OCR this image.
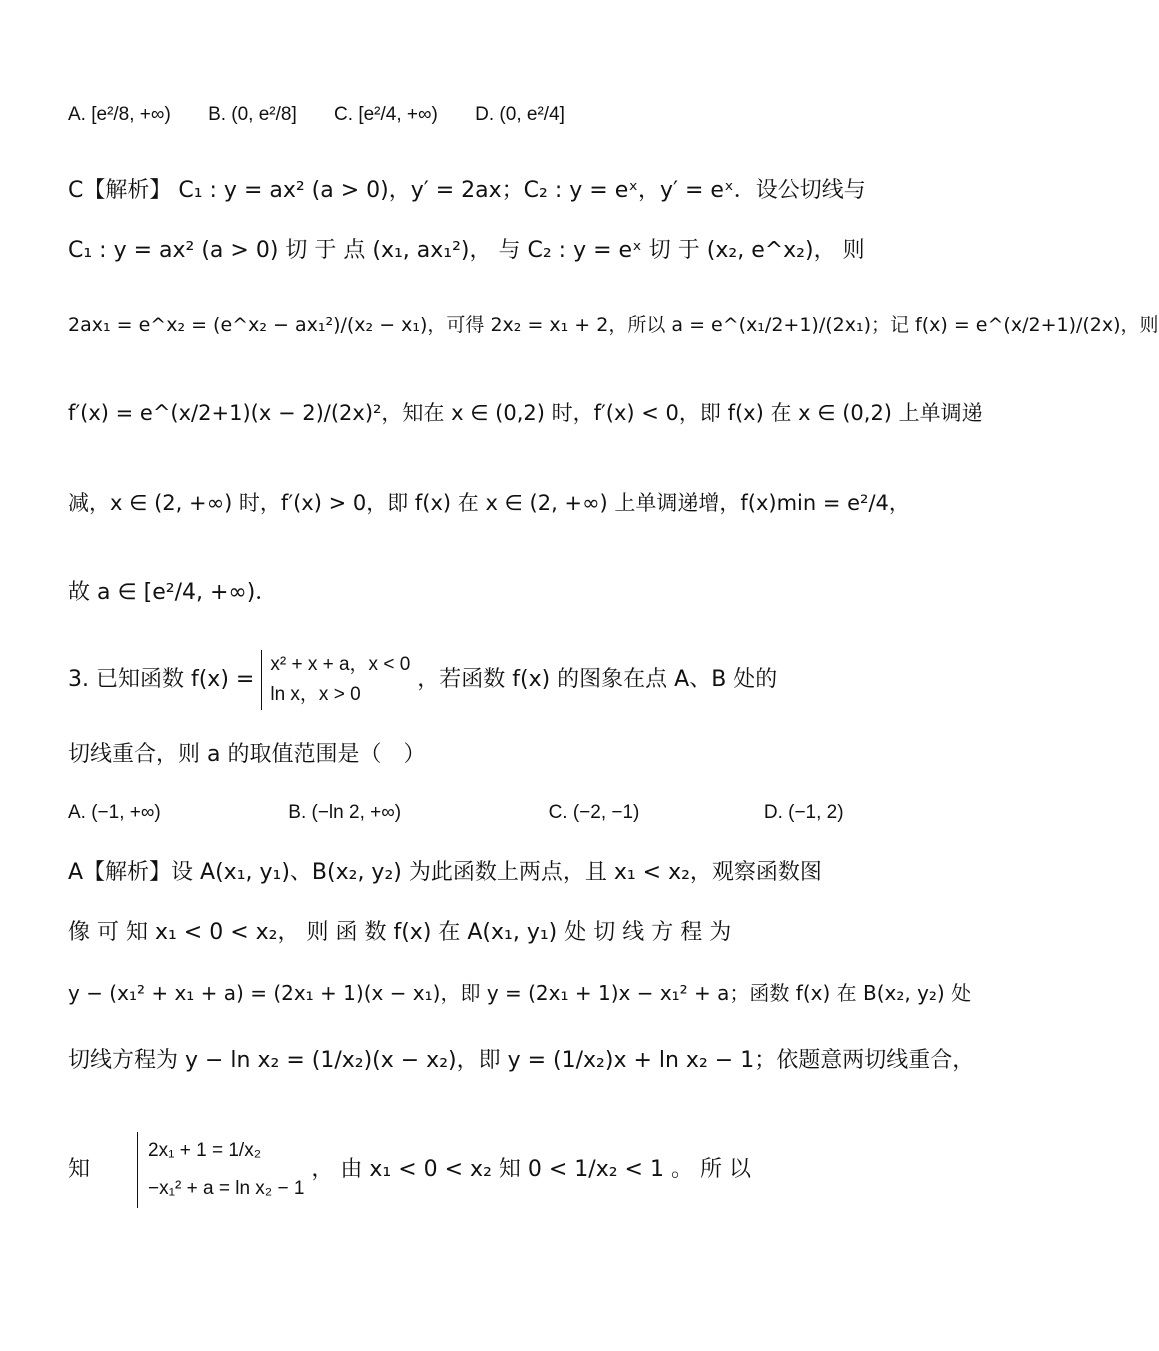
A. [e²/8, +∞) B. (0, e²/8] C. [e²/4, +∞) D. (0, e²/4]
C【解析】 C₁ : y = ax² (a > 0)，y′ = 2ax；C₂ : y = eˣ，y′ = eˣ．设公切线与
C₁ : y = ax² (a > 0) 切 于 点 (x₁, ax₁²)， 与 C₂ : y = eˣ 切 于 (x₂, e^x₂)， 则
2ax₁ = e^x₂ = (e^x₂ − ax₁²)/(x₂ − x₁)，可得 2x₂ = x₁ + 2，所以 a = e^(x₁/2+1)/(2x₁)；记 f(x) = e^(x/2+1)/(2x)，则
f′(x) = e^(x/2+1)(x − 2)/(2x)²，知在 x ∈ (0,2) 时，f′(x) < 0，即 f(x) 在 x ∈ (0,2) 上单调递
减，x ∈ (2, +∞) 时，f′(x) > 0，即 f(x) 在 x ∈ (2, +∞) 上单调递增，f(x)min = e²/4，
故 a ∈ [e²/4, +∞)．
3. 已知函数 f(x) =
x² + x + a，x < 0
ln x，x > 0
，若函数 f(x) 的图象在点 A、B 处的
切线重合，则 a 的取值范围是（　）
A. (−1, +∞)	B. (−ln 2, +∞)	C. (−2, −1)	D. (−1, 2)
A【解析】设 A(x₁, y₁)、B(x₂, y₂) 为此函数上两点，且 x₁ < x₂，观察函数图
像 可 知 x₁ < 0 < x₂， 则 函 数 f(x) 在 A(x₁, y₁) 处 切 线 方 程 为
y − (x₁² + x₁ + a) = (2x₁ + 1)(x − x₁)，即 y = (2x₁ + 1)x − x₁² + a；函数 f(x) 在 B(x₂, y₂) 处
切线方程为 y − ln x₂ = (1/x₂)(x − x₂)，即 y = (1/x₂)x + ln x₂ − 1；依题意两切线重合，
知
2x₁ + 1 = 1/x₂
−x₁² + a = ln x₂ − 1
， 由 x₁ < 0 < x₂ 知 0 < 1/x₂ < 1 。 所 以
